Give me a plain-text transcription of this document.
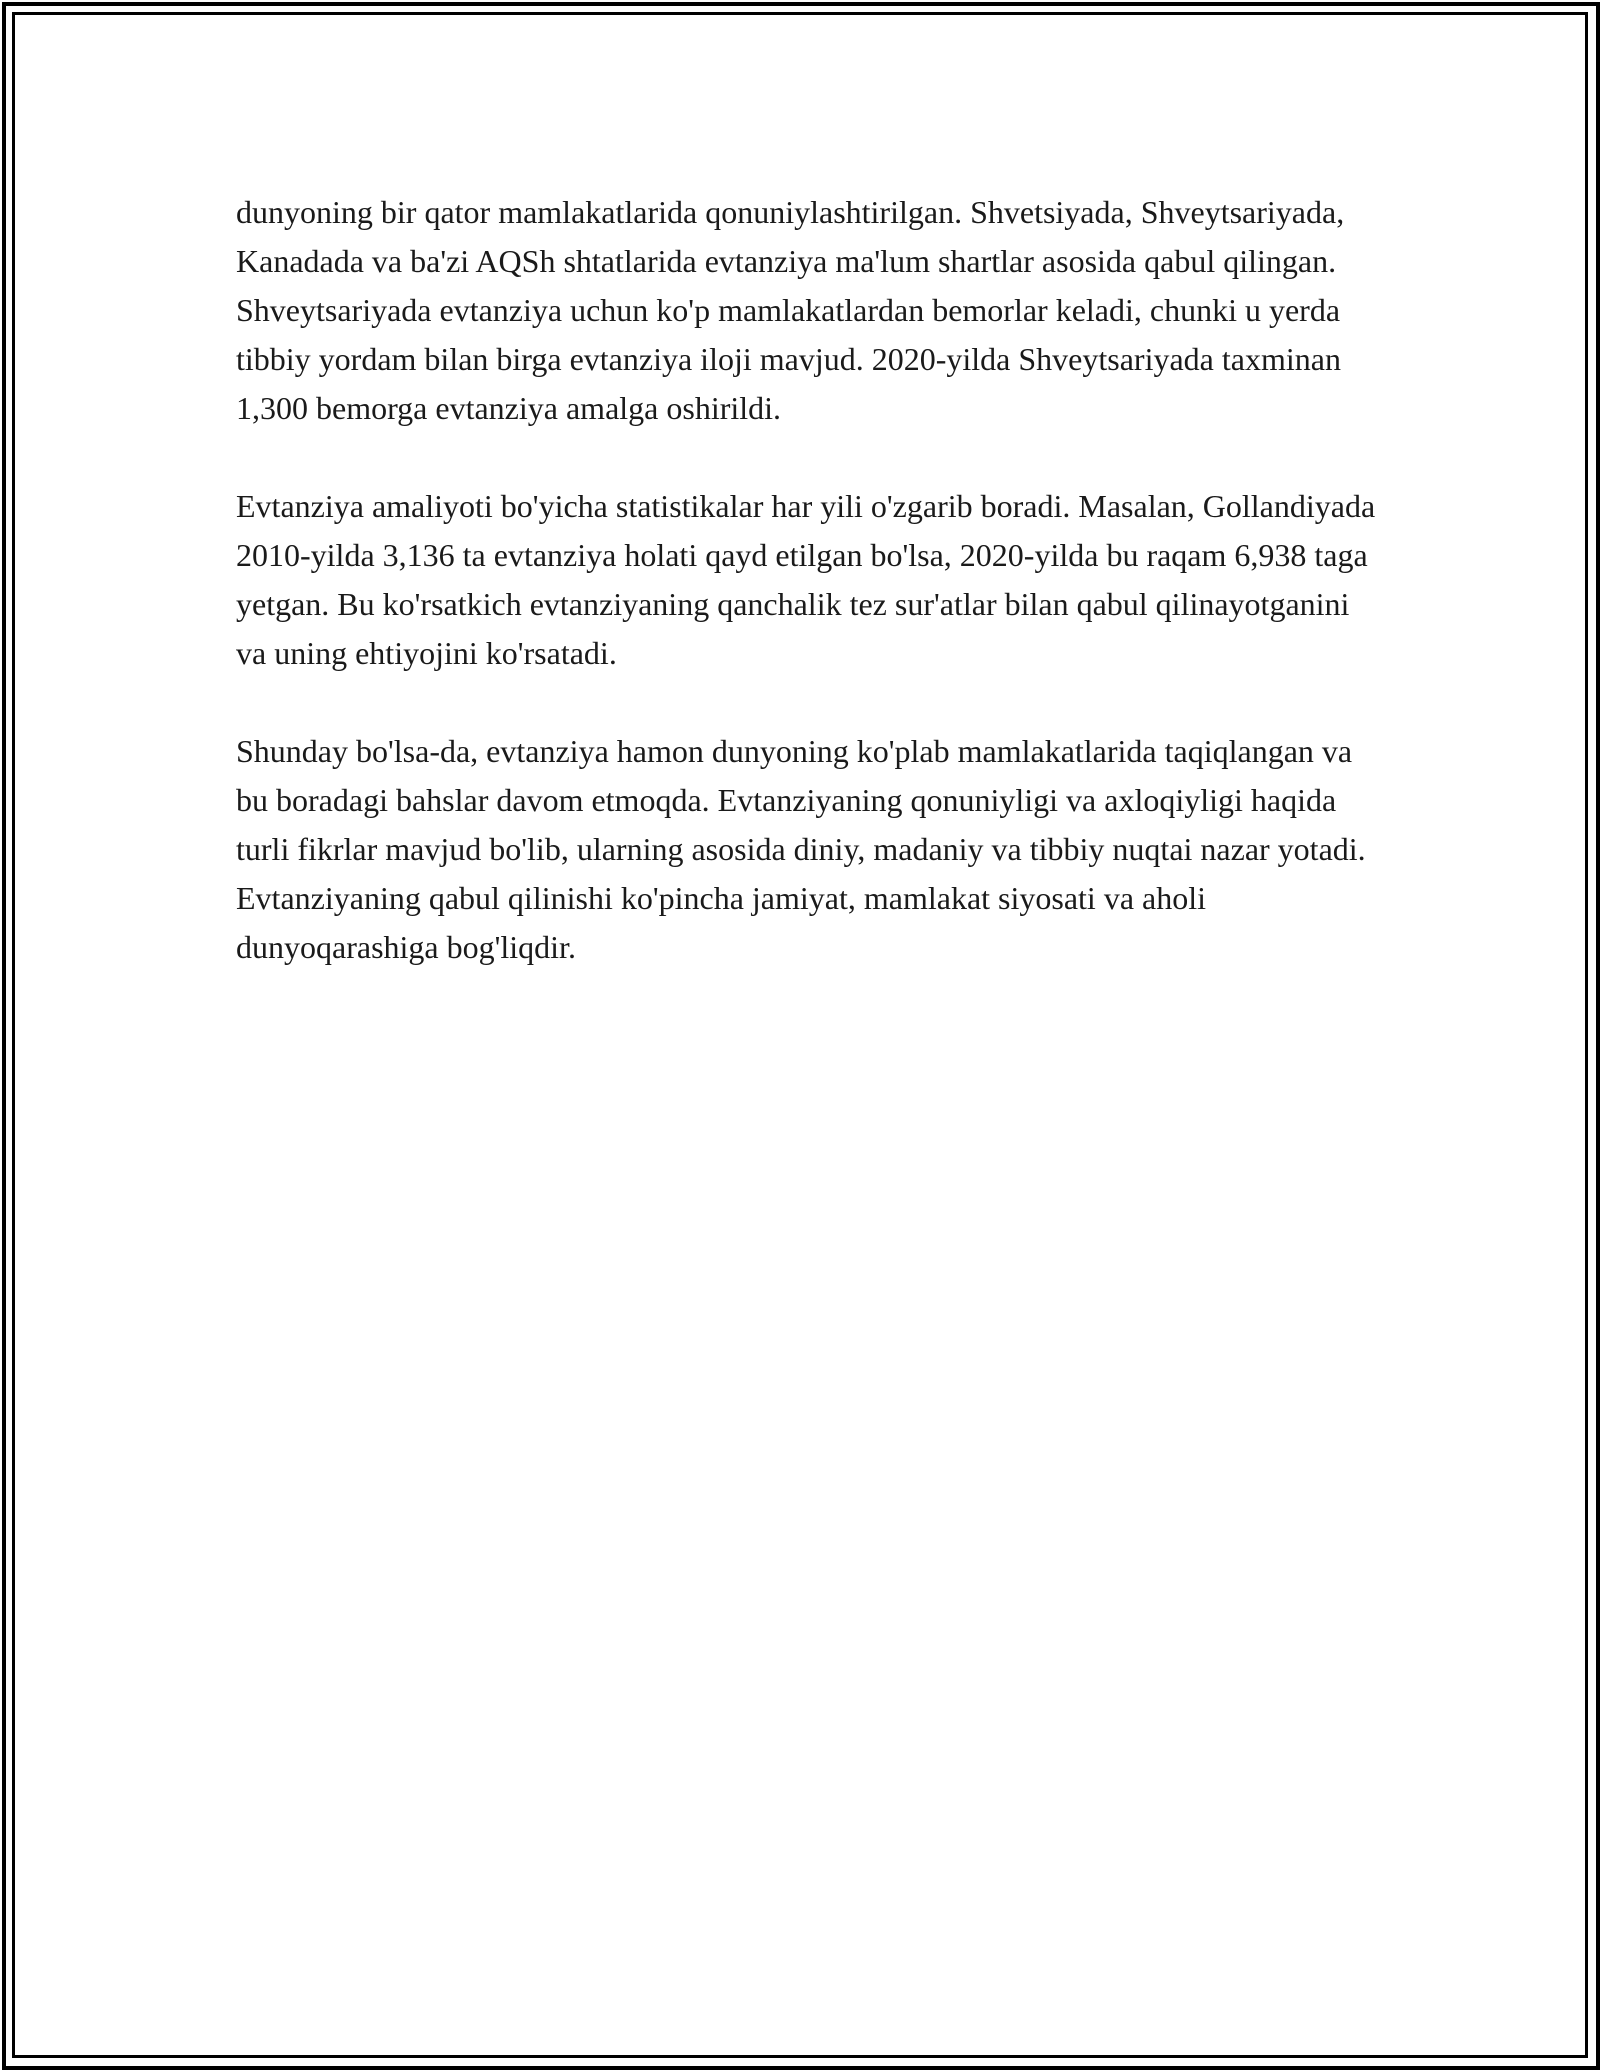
dunyoning bir qator mamlakatlarida qonuniylashtirilgan. Shvetsiyada, Shveytsariyada, Kanadada va ba'zi AQSh shtatlarida evtanziya ma'lum shartlar asosida qabul qilingan. Shveytsariyada evtanziya uchun ko'p mamlakatlardan bemorlar keladi, chunki u yerda tibbiy yordam bilan birga evtanziya iloji mavjud. 2020-yilda Shveytsariyada taxminan 1,300 bemorga evtanziya amalga oshirildi.

Evtanziya amaliyoti bo'yicha statistikalar har yili o'zgarib boradi. Masalan, Gollandiyada 2010-yilda 3,136 ta evtanziya holati qayd etilgan bo'lsa, 2020-yilda bu raqam 6,938 taga yetgan. Bu ko'rsatkich evtanziyaning qanchalik tez sur'atlar bilan qabul qilinayotganini va uning ehtiyojini ko'rsatadi.

Shunday bo'lsa-da, evtanziya hamon dunyoning ko'plab mamlakatlarida taqiqlangan va bu boradagi bahslar davom etmoqda. Evtanziyaning qonuniyligi va axloqiyligi haqida turli fikrlar mavjud bo'lib, ularning asosida diniy, madaniy va tibbiy nuqtai nazar yotadi. Evtanziyaning qabul qilinishi ko'pincha jamiyat, mamlakat siyosati va aholi dunyoqarashiga bog'liqdir.
